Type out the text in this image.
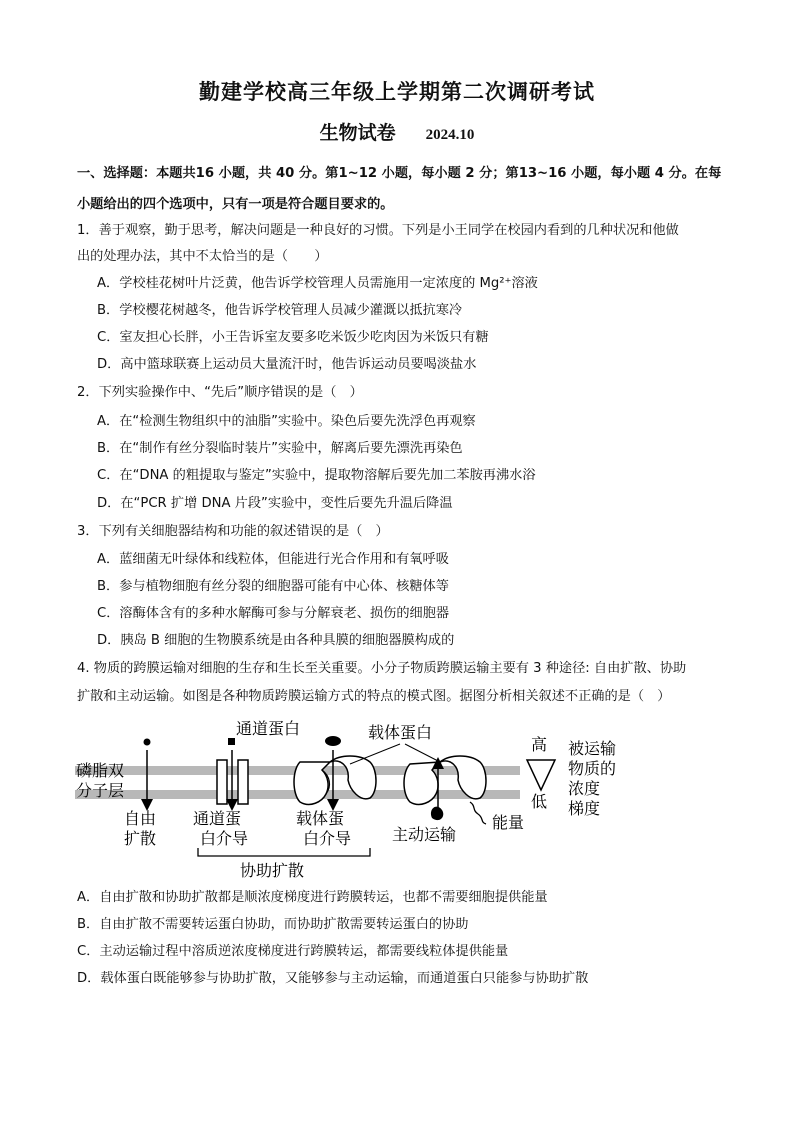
勤建学校高三年级上学期第二次调研考试
生物试卷 2024.10
一、选择题：本题共16 小题，共 40 分。第1~12 小题，每小题 2 分；第13~16 小题，每小题 4 分。在每
小题给出的四个选项中，只有一项是符合题目要求的。
1．善于观察，勤于思考，解决问题是一种良好的习惯。下列是小王同学在校园内看到的几种状况和他做
出的处理办法，其中不太恰当的是（　　）
A．学校桂花树叶片泛黄，他告诉学校管理人员需施用一定浓度的 Mg²⁺溶液
B．学校樱花树越冬，他告诉学校管理人员减少灌溉以抵抗寒冷
C．室友担心长胖，小王告诉室友要多吃米饭少吃肉因为米饭只有糖
D．高中篮球联赛上运动员大量流汗时，他告诉运动员要喝淡盐水
2．下列实验操作中、“先后”顺序错误的是（　）
A．在“检测生物组织中的油脂”实验中。染色后要先洗浮色再观察
B．在“制作有丝分裂临时装片”实验中，解离后要先漂洗再染色
C．在“DNA 的粗提取与鉴定”实验中，提取物溶解后要先加二苯胺再沸水浴
D．在“PCR 扩增 DNA 片段”实验中，变性后要先升温后降温
3．下列有关细胞器结构和功能的叙述错误的是（　）
A．蓝细菌无叶绿体和线粒体，但能进行光合作用和有氧呼吸
B．参与植物细胞有丝分裂的细胞器可能有中心体、核糖体等
C．溶酶体含有的多种水解酶可参与分解衰老、损伤的细胞器
D．胰岛 B 细胞的生物膜系统是由各种具膜的细胞器膜构成的
4. 物质的跨膜运输对细胞的生存和生长至关重要。小分子物质跨膜运输主要有 3 种途径: 自由扩散、协助
扩散和主动运输。如图是各种物质跨膜运输方式的特点的模式图。据图分析相关叙述不正确的是（　）
通道蛋白	载体蛋白
高
低
被运输
物质的
浓度
梯度
磷脂双
分子层
自由
扩散
通道蛋
白介导
载体蛋
白介导	主动运输
能量
协助扩散
A．自由扩散和协助扩散都是顺浓度梯度进行跨膜转运，也都不需要细胞提供能量
B．自由扩散不需要转运蛋白协助，而协助扩散需要转运蛋白的协助
C．主动运输过程中溶质逆浓度梯度进行跨膜转运，都需要线粒体提供能量
D．载体蛋白既能够参与协助扩散，又能够参与主动运输，而通道蛋白只能参与协助扩散
